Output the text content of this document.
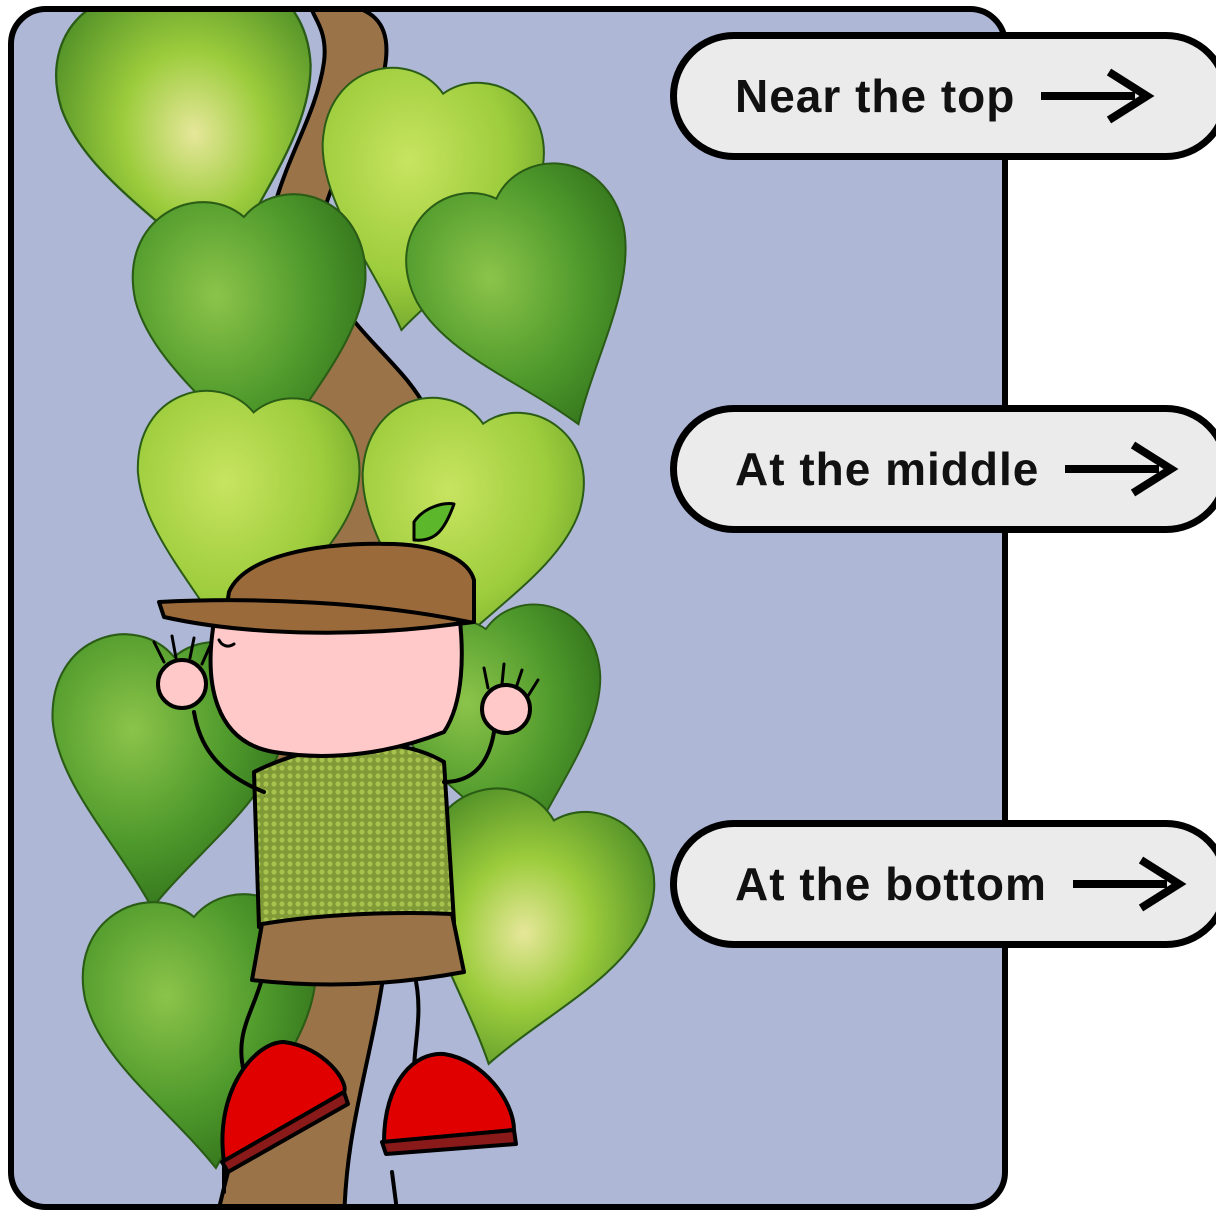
Near the top
At the middle
At the bottom
